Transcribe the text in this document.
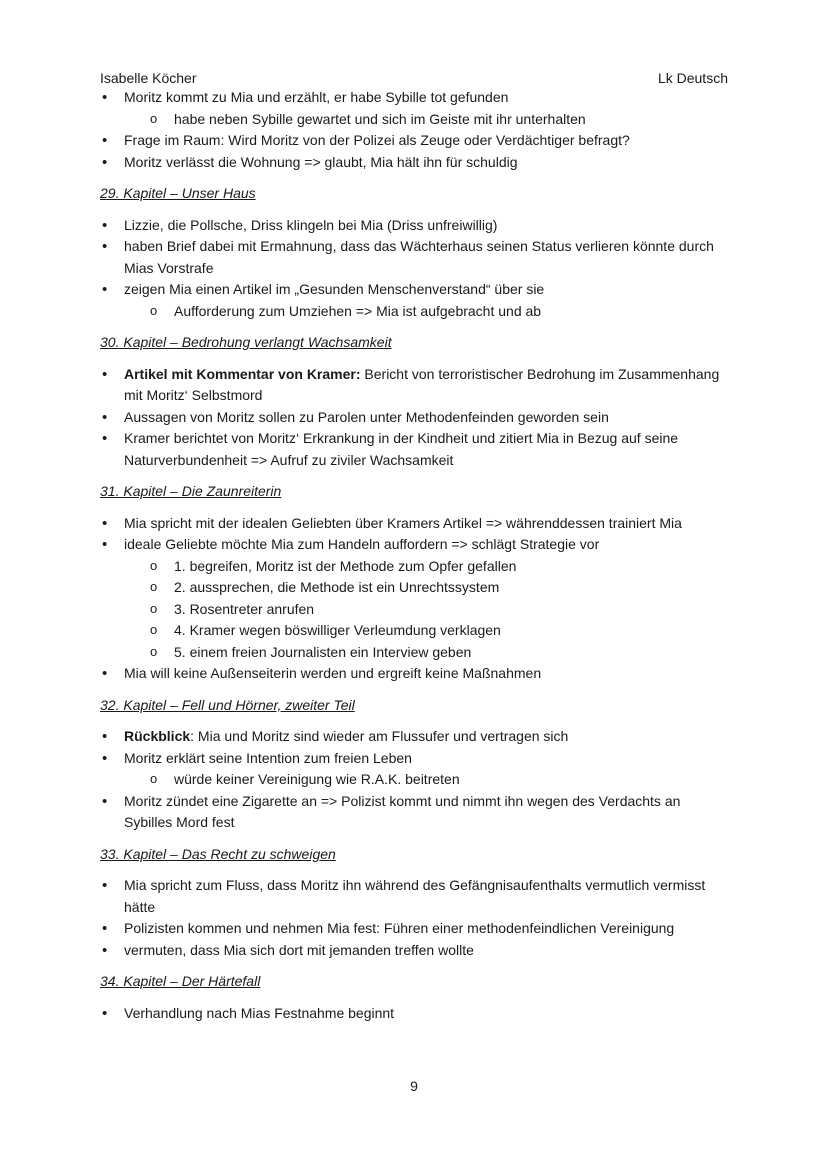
Isabelle Köcher	Lk Deutsch
• Moritz kommt zu Mia und erzählt, er habe Sybille tot gefunden
o habe neben Sybille gewartet und sich im Geiste mit ihr unterhalten
• Frage im Raum: Wird Moritz von der Polizei als Zeuge oder Verdächtiger befragt?
• Moritz verlässt die Wohnung => glaubt, Mia hält ihn für schuldig

29. Kapitel – Unser Haus

• Lizzie, die Pollsche, Driss klingeln bei Mia (Driss unfreiwillig)
• haben Brief dabei mit Ermahnung, dass das Wächterhaus seinen Status verlieren könnte durch Mias Vorstrafe
• zeigen Mia einen Artikel im „Gesunden Menschenverstand“ über sie
o Aufforderung zum Umziehen => Mia ist aufgebracht und ab

30. Kapitel – Bedrohung verlangt Wachsamkeit

• Artikel mit Kommentar von Kramer: Bericht von terroristischer Bedrohung im Zusammenhang mit Moritz‘ Selbstmord
• Aussagen von Moritz sollen zu Parolen unter Methodenfeinden geworden sein
• Kramer berichtet von Moritz‘ Erkrankung in der Kindheit und zitiert Mia in Bezug auf seine Naturverbundenheit => Aufruf zu ziviler Wachsamkeit

31. Kapitel – Die Zaunreiterin

• Mia spricht mit der idealen Geliebten über Kramers Artikel => währenddessen trainiert Mia
• ideale Geliebte möchte Mia zum Handeln auffordern => schlägt Strategie vor
o 1. begreifen, Moritz ist der Methode zum Opfer gefallen
o 2. aussprechen, die Methode ist ein Unrechtssystem
o 3. Rosentreter anrufen
o 4. Kramer wegen böswilliger Verleumdung verklagen
o 5. einem freien Journalisten ein Interview geben
• Mia will keine Außenseiterin werden und ergreift keine Maßnahmen

32. Kapitel – Fell und Hörner, zweiter Teil

• Rückblick: Mia und Moritz sind wieder am Flussufer und vertragen sich
• Moritz erklärt seine Intention zum freien Leben
o würde keiner Vereinigung wie R.A.K. beitreten
• Moritz zündet eine Zigarette an => Polizist kommt und nimmt ihn wegen des Verdachts an Sybilles Mord fest

33. Kapitel – Das Recht zu schweigen

• Mia spricht zum Fluss, dass Moritz ihn während des Gefängnisaufenthalts vermutlich vermisst hätte
• Polizisten kommen und nehmen Mia fest: Führen einer methodenfeindlichen Vereinigung
• vermuten, dass Mia sich dort mit jemanden treffen wollte

34. Kapitel – Der Härtefall

• Verhandlung nach Mias Festnahme beginnt
9
